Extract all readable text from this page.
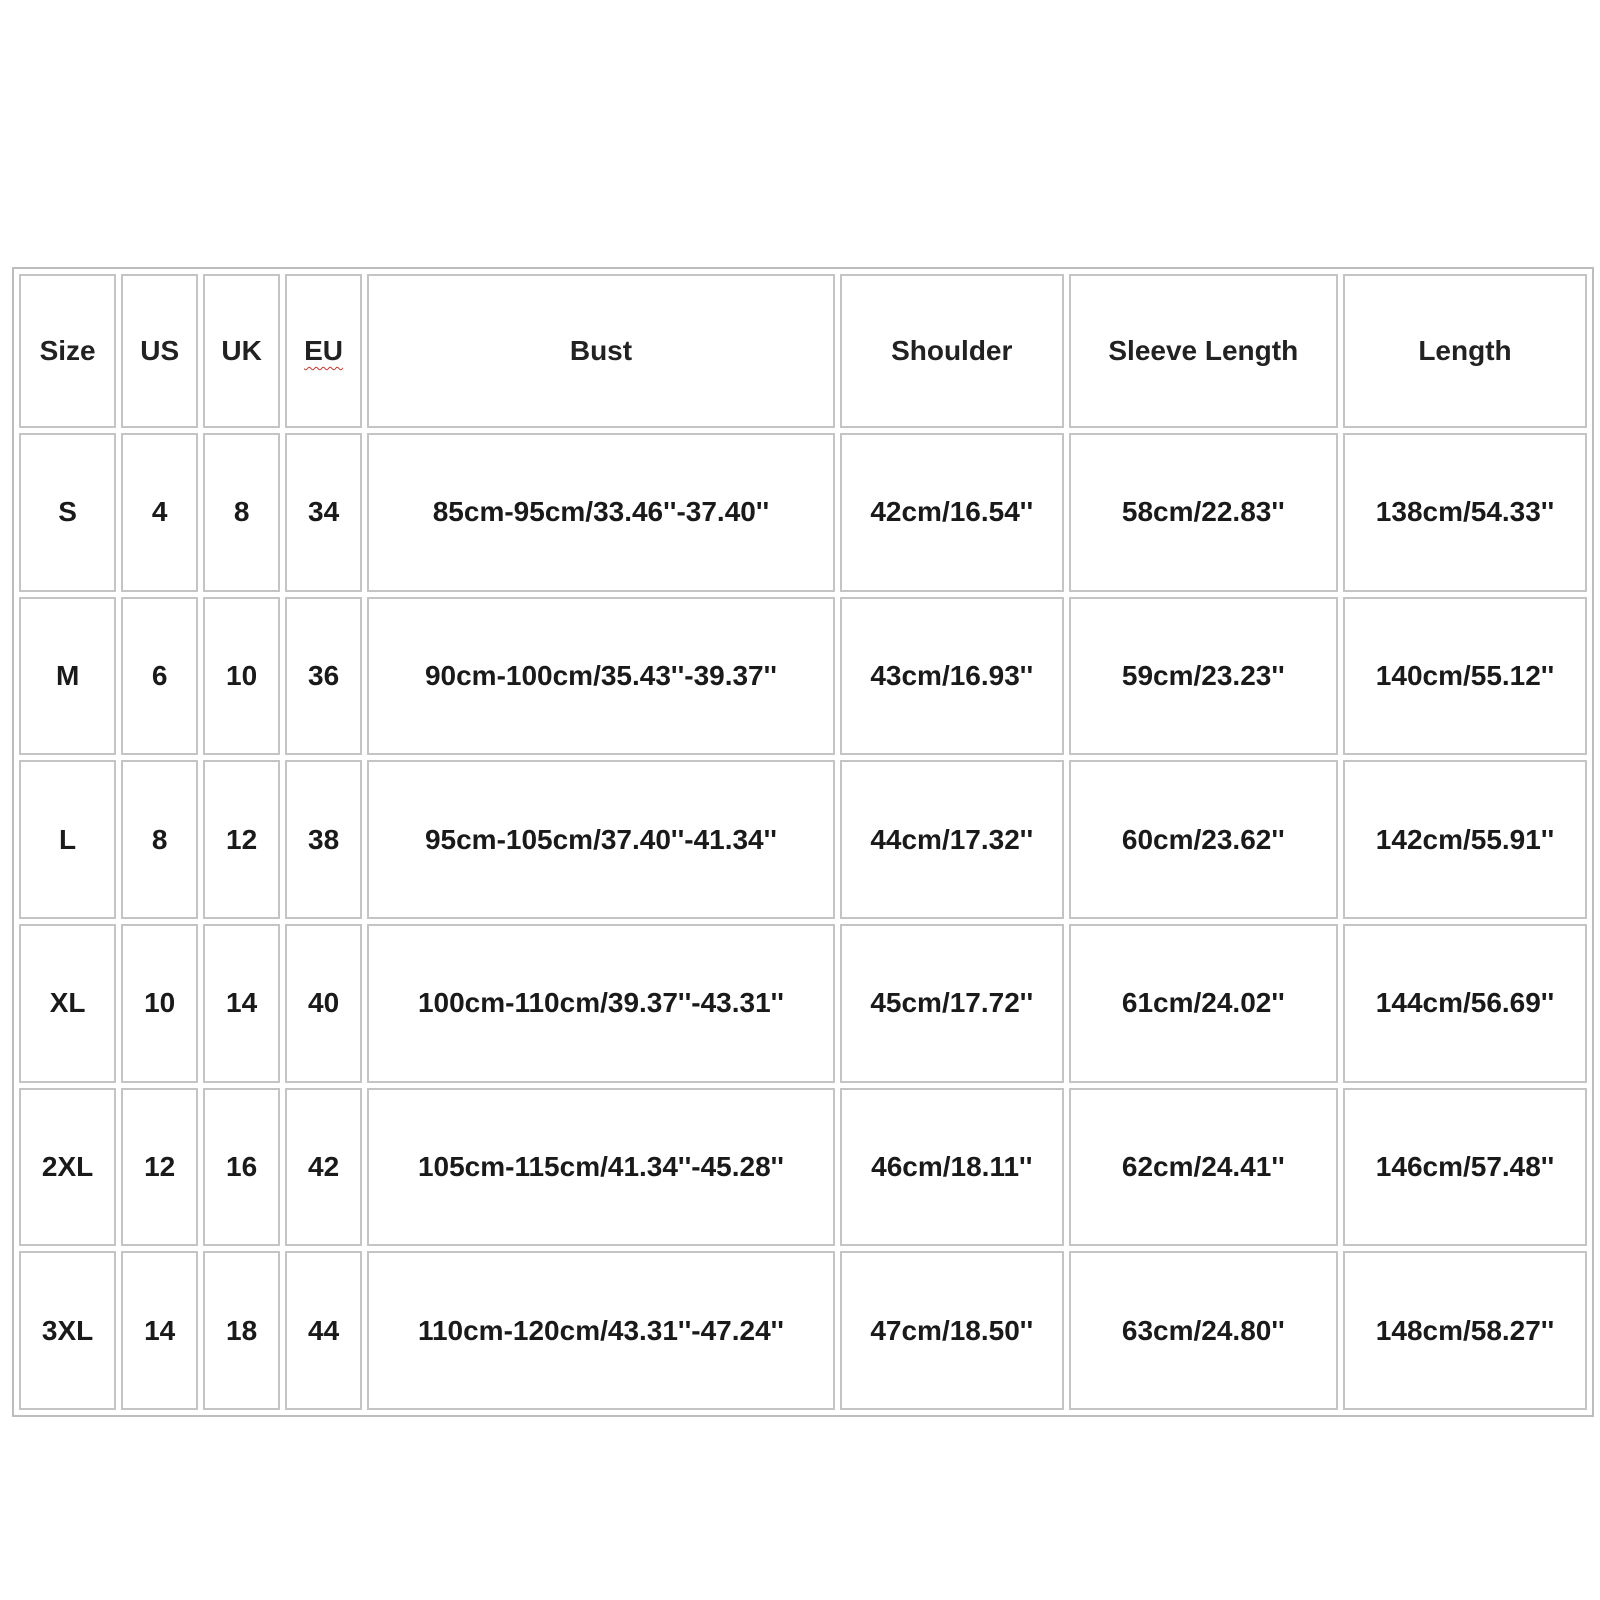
Size	US	UK	EU	Bust	Shoulder	Sleeve Length	Length
S	4	8	34	85cm-95cm/33.46''-37.40''	42cm/16.54''	58cm/22.83''	138cm/54.33''
M	6	10	36	90cm-100cm/35.43''-39.37''	43cm/16.93''	59cm/23.23''	140cm/55.12''
L	8	12	38	95cm-105cm/37.40''-41.34''	44cm/17.32''	60cm/23.62''	142cm/55.91''
XL	10	14	40	100cm-110cm/39.37''-43.31''	45cm/17.72''	61cm/24.02''	144cm/56.69''
2XL	12	16	42	105cm-115cm/41.34''-45.28''	46cm/18.11''	62cm/24.41''	146cm/57.48''
3XL	14	18	44	110cm-120cm/43.31''-47.24''	47cm/18.50''	63cm/24.80''	148cm/58.27''
